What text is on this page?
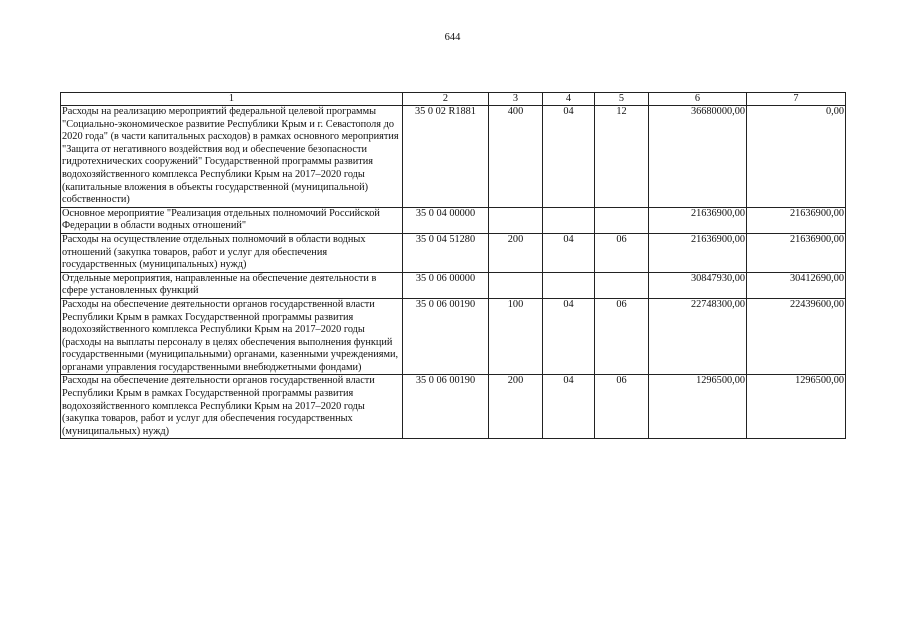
644
1	2	3	4	5	6	7
Расходы на реализацию мероприятий федеральной целевой программы "Социально-экономическое развитие Республики Крым и г. Севастополя до 2020 года" (в части капитальных расходов) в рамках основного мероприятия "Защита от негативного воздействия вод и обеспечение безопасности гидротехнических сооружений" Государственной программы развития водохозяйственного комплекса Республики Крым на 2017–2020 годы (капитальные вложения в объекты государственной (муниципальной) собственности)	35 0 02 R1881	400	04	12	36680000,00	0,00
Основное мероприятие "Реализация отдельных полномочий Российской Федерации в области водных отношений"	35 0 04 00000				21636900,00	21636900,00
Расходы на осуществление отдельных полномочий в области водных отношений (закупка товаров, работ и услуг для обеспечения государственных (муниципальных) нужд)	35 0 04 51280	200	04	06	21636900,00	21636900,00
Отдельные мероприятия, направленные на обеспечение деятельности в сфере установленных функций	35 0 06 00000				30847930,00	30412690,00
Расходы на обеспечение деятельности органов государственной власти Республики Крым в рамках Государственной программы развития водохозяйственного комплекса Республики Крым на 2017–2020 годы (расходы на выплаты персоналу в целях обеспечения выполнения функций государственными (муниципальными) органами, казенными учреждениями, органами управления государственными внебюджетными фондами)	35 0 06 00190	100	04	06	22748300,00	22439600,00
Расходы на обеспечение деятельности органов государственной власти Республики Крым в рамках Государственной программы развития водохозяйственного комплекса Республики Крым на 2017–2020 годы (закупка товаров, работ и услуг для обеспечения государственных (муниципальных) нужд)	35 0 06 00190	200	04	06	1296500,00	1296500,00
